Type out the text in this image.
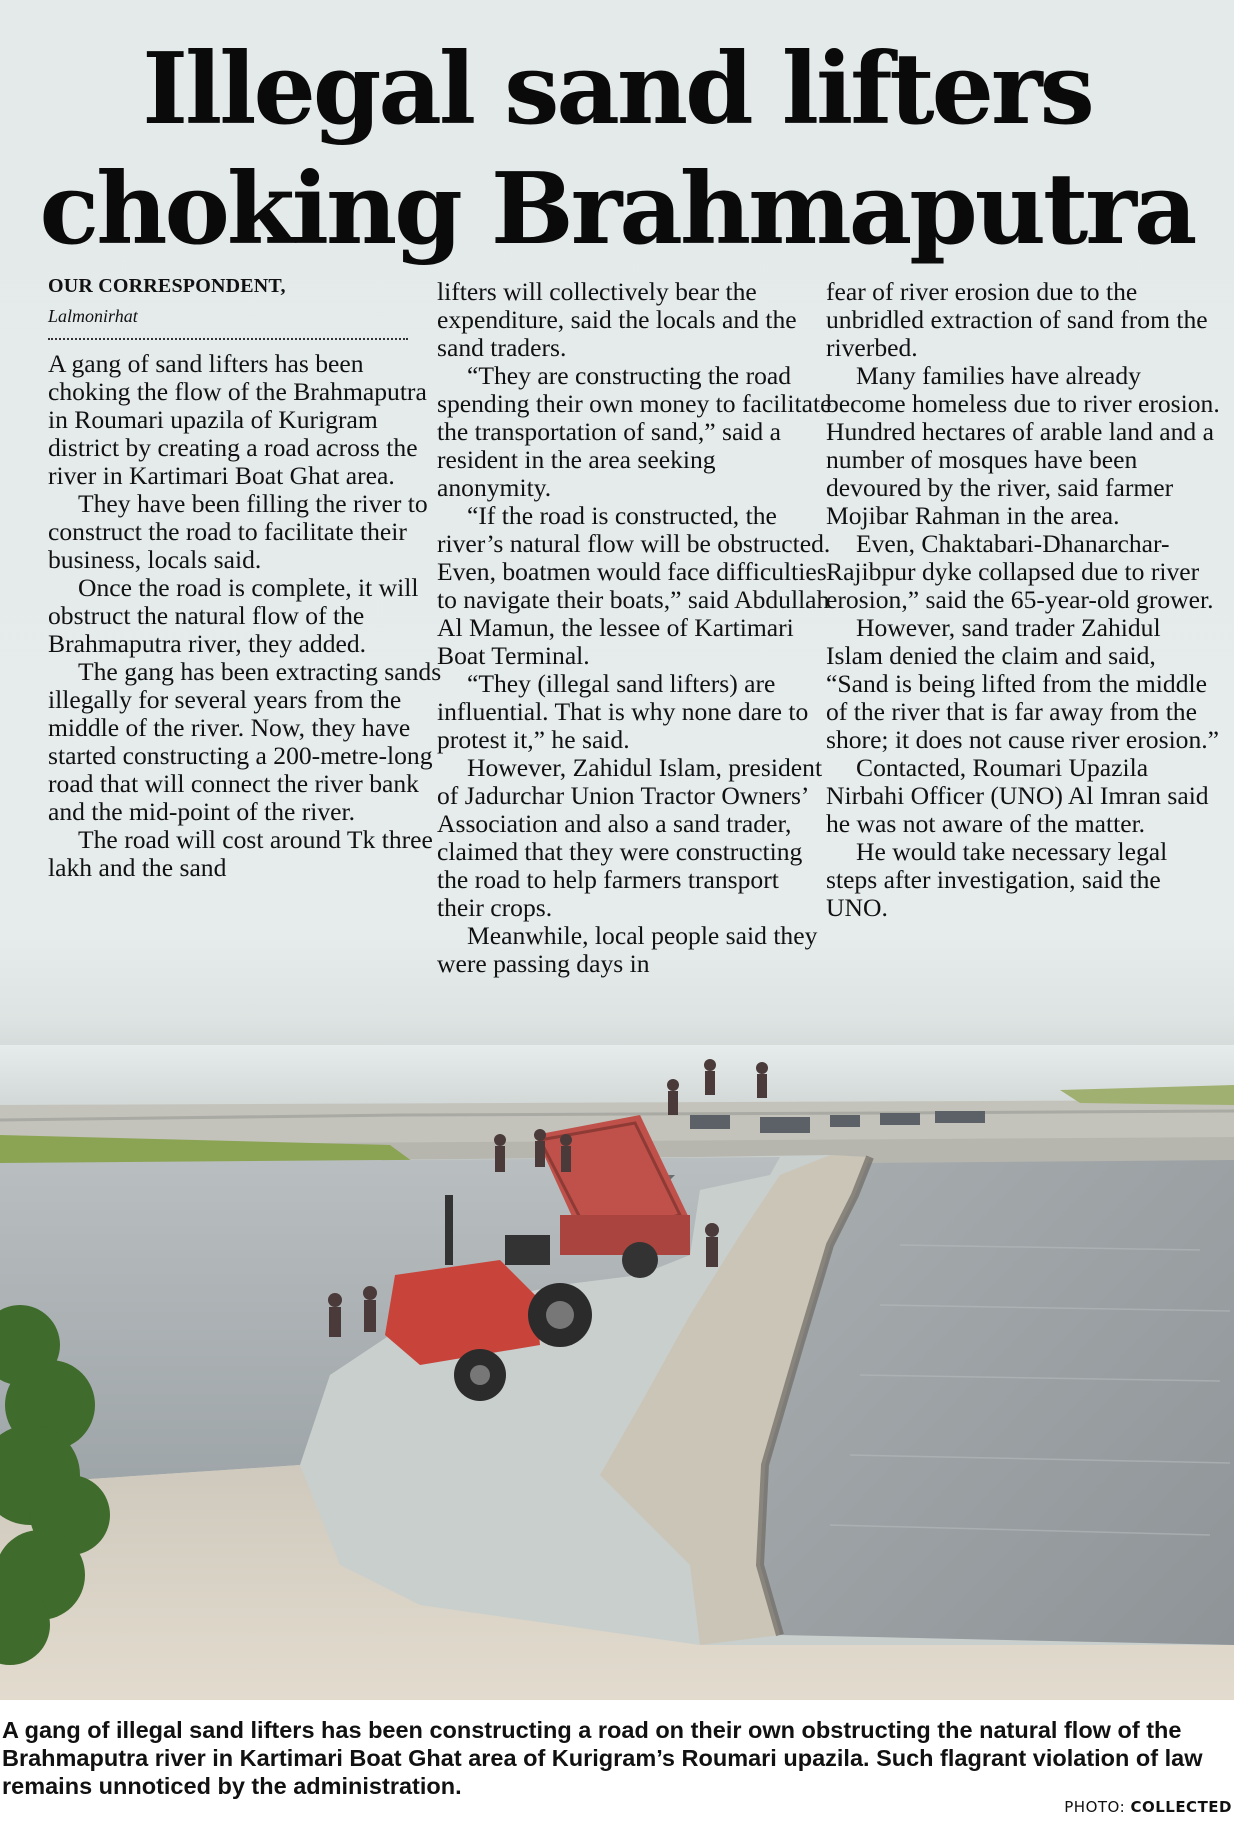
Illegal sand lifters
choking Brahmaputra
OUR CORRESPONDENT,
Lalmonirhat

A gang of sand lifters has been choking the flow of the Brahmaputra in Roumari upazila of Kurigram district by creating a road across the river in Kartimari Boat Ghat area.

They have been filling the river to construct the road to facilitate their business, locals said.

Once the road is complete, it will obstruct the natural flow of the Brahmaputra river, they added.

The gang has been extracting sands illegally for several years from the middle of the river. Now, they have started constructing a 200-metre-long road that will connect the river bank and the mid-point of the river.

The road will cost around Tk three lakh and the sand

lifters will collectively bear the expenditure, said the locals and the sand traders.

“They are constructing the road spending their own money to facilitate the transportation of sand,” said a resident in the area seeking anonymity.

“If the road is constructed, the river’s natural flow will be obstructed. Even, boatmen would face difficulties to navigate their boats,” said Abdullah Al Mamun, the lessee of Kartimari Boat Terminal.

“They (illegal sand lifters) are influential. That is why none dare to protest it,” he said.

However, Zahidul Islam, president of Jadurchar Union Tractor Owners’ Association and also a sand trader, claimed that they were constructing the road to help farmers transport their crops.

Meanwhile, local people said they were passing days in

fear of river erosion due to the unbridled extraction of sand from the riverbed.

Many families have already become homeless due to river erosion. Hundred hectares of arable land and a number of mosques have been devoured by the river, said farmer Mojibar Rahman in the area.

Even, Chaktabari-Dhanarchar-Rajibpur dyke collapsed due to river erosion,” said the 65-year-old grower.

However, sand trader Zahidul Islam denied the claim and said, “Sand is being lifted from the middle of the river that is far away from the shore; it does not cause river erosion.”

Contacted, Roumari Upazila Nirbahi Officer (UNO) Al Imran said he was not aware of the matter.

He would take necessary legal steps after investigation, said the UNO.

A gang of illegal sand lifters has been constructing a road on their own obstructing the natural flow of the Brahmaputra river in Kartimari Boat Ghat area of Kurigram’s Roumari upazila. Such flagrant violation of law remains unnoticed by the administration.

PHOTO: COLLECTED
